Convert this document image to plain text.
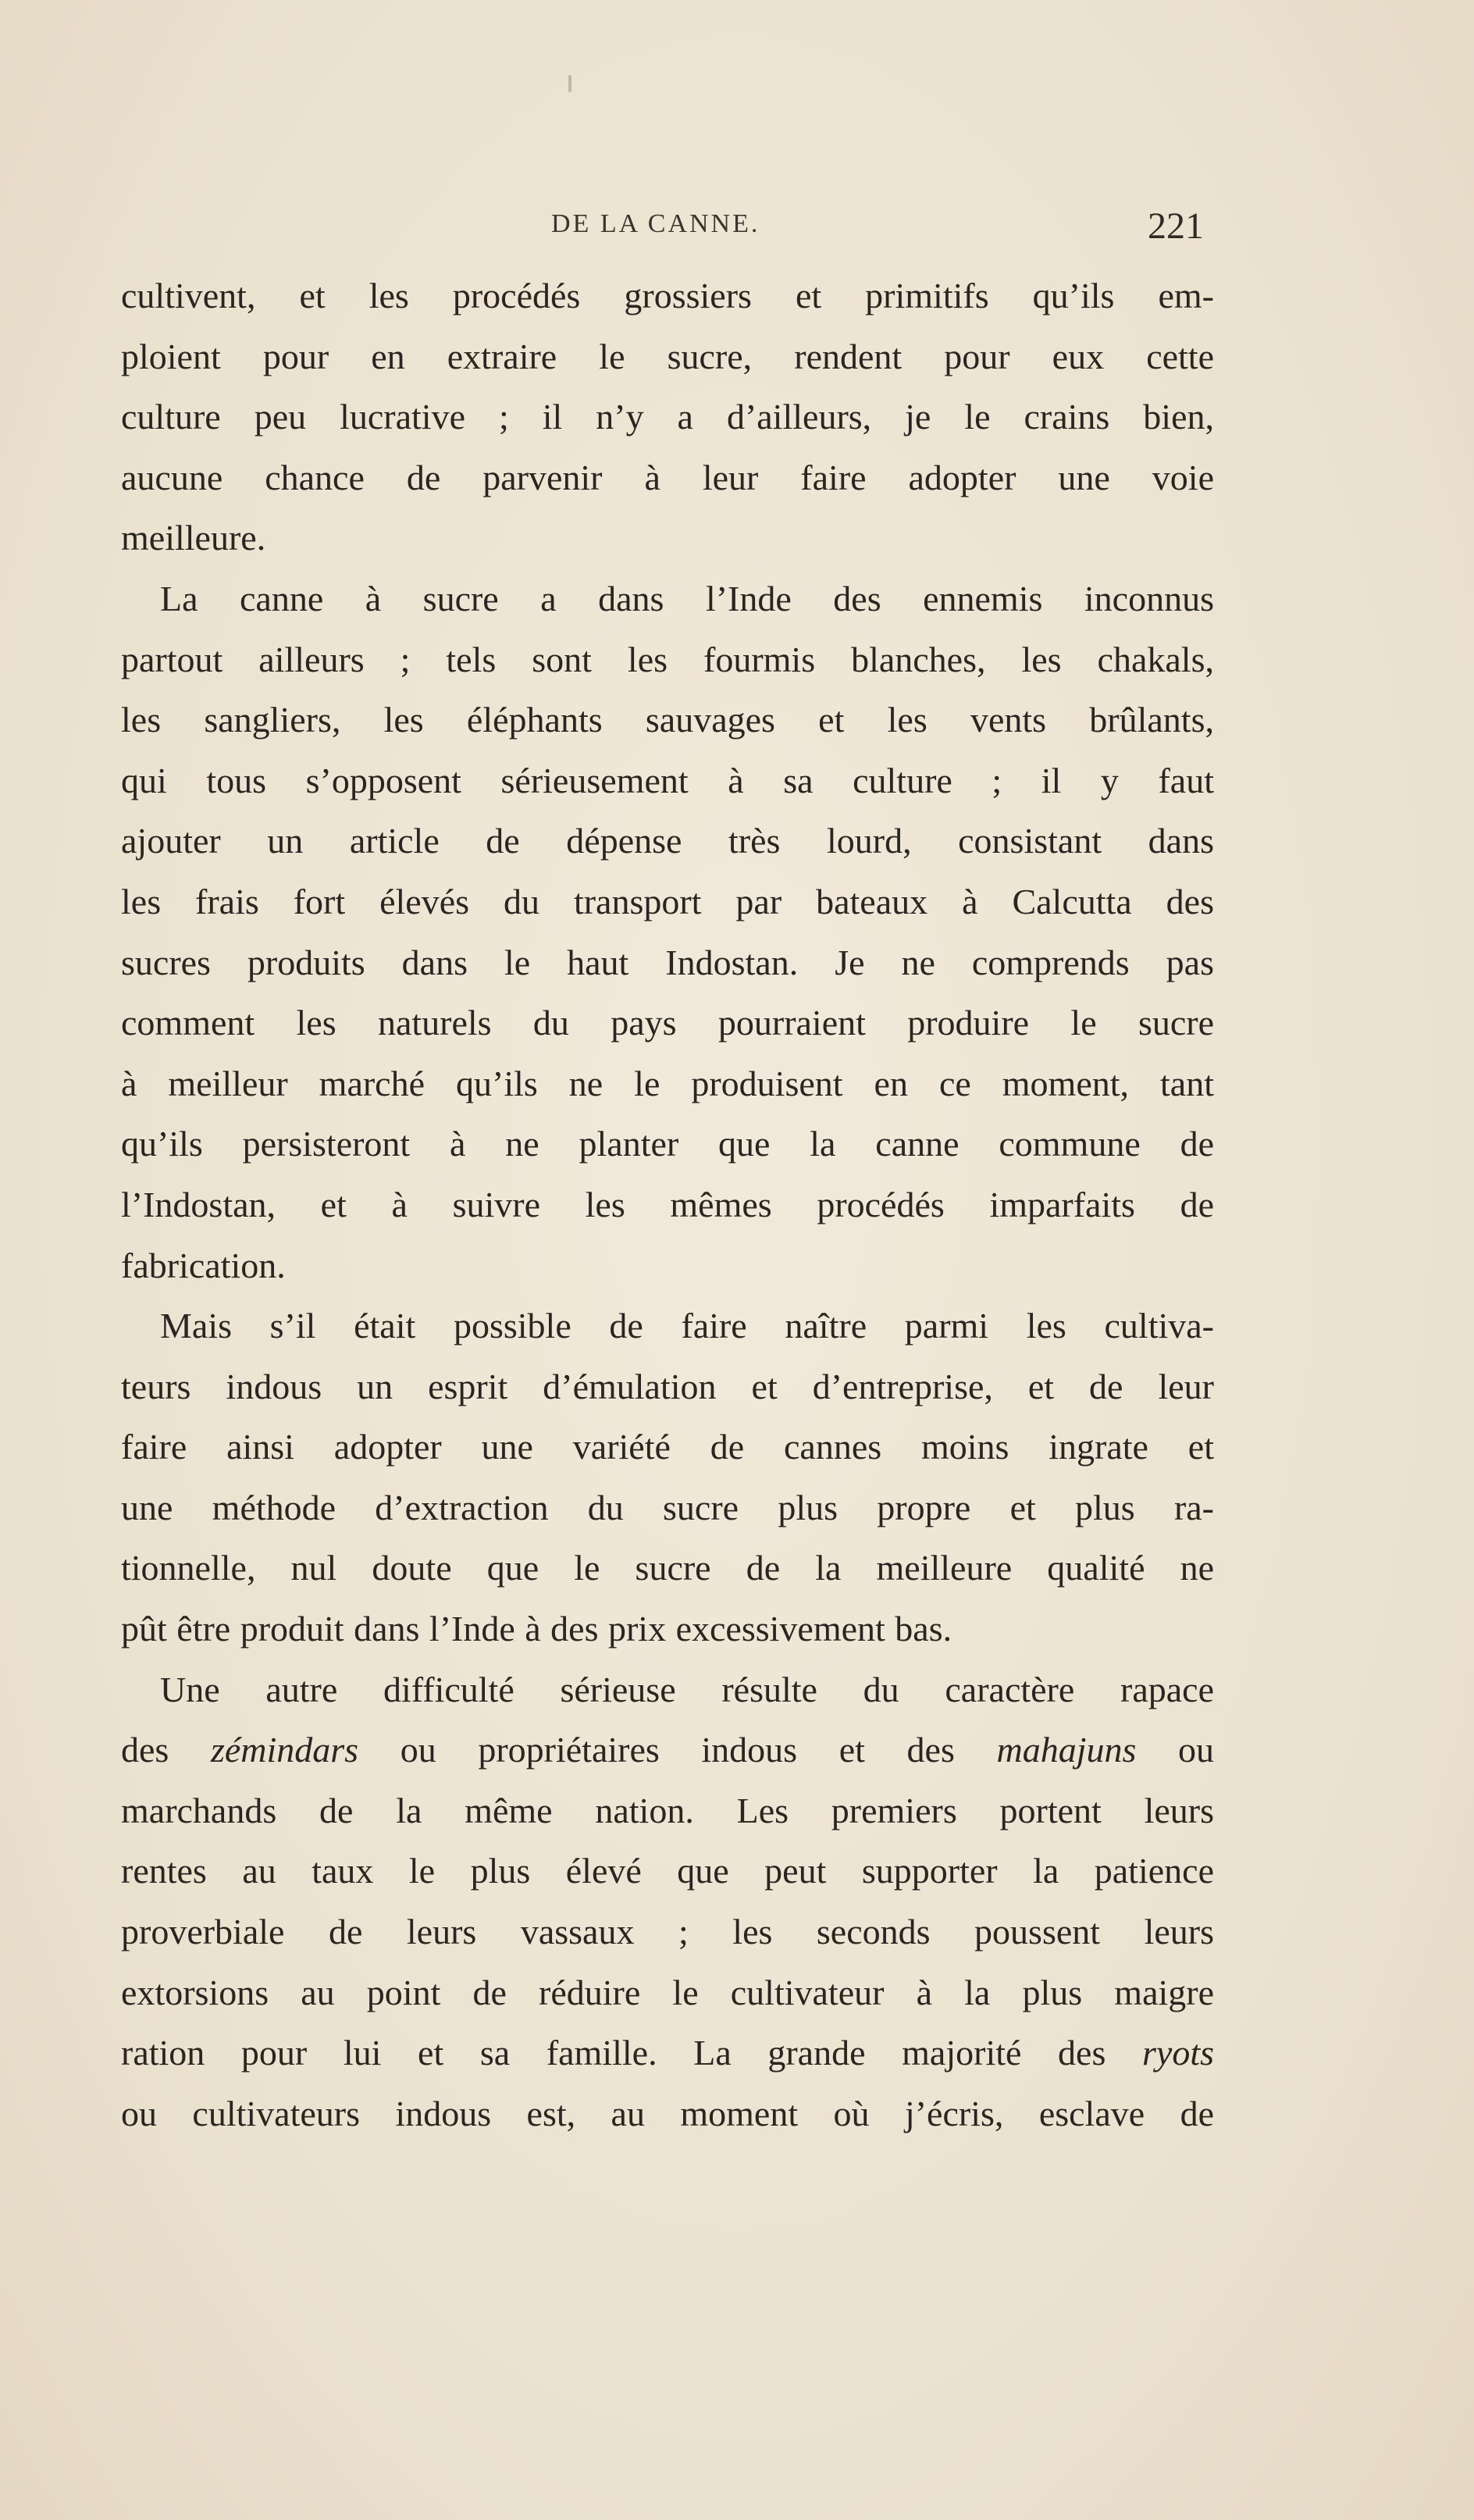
DE LA CANNE.	221
cultivent, et les procédés grossiers et primitifs qu’ils em-
ploient pour en extraire le sucre, rendent pour eux cette
culture peu lucrative ; il n’y a d’ailleurs, je le crains bien,
aucune chance de parvenir à leur faire adopter une voie
meilleure.
La canne à sucre a dans l’Inde des ennemis inconnus
partout ailleurs ; tels sont les fourmis blanches, les chakals,
les sangliers, les éléphants sauvages et les vents brûlants,
qui tous s’opposent sérieusement à sa culture ; il y faut
ajouter un article de dépense très lourd, consistant dans
les frais fort élevés du transport par bateaux à Calcutta des
sucres produits dans le haut Indostan. Je ne comprends pas
comment les naturels du pays pourraient produire le sucre
à meilleur marché qu’ils ne le produisent en ce moment, tant
qu’ils persisteront à ne planter que la canne commune de
l’Indostan, et à suivre les mêmes procédés imparfaits de
fabrication.
Mais s’il était possible de faire naître parmi les cultiva-
teurs indous un esprit d’émulation et d’entreprise, et de leur
faire ainsi adopter une variété de cannes moins ingrate et
une méthode d’extraction du sucre plus propre et plus ra-
tionnelle, nul doute que le sucre de la meilleure qualité ne
pût être produit dans l’Inde à des prix excessivement bas.
Une autre difficulté sérieuse résulte du caractère rapace
des zémindars ou propriétaires indous et des mahajuns ou
marchands de la même nation. Les premiers portent leurs
rentes au taux le plus élevé que peut supporter la patience
proverbiale de leurs vassaux ; les seconds poussent leurs
extorsions au point de réduire le cultivateur à la plus maigre
ration pour lui et sa famille. La grande majorité des ryots
ou cultivateurs indous est, au moment où j’écris, esclave de
